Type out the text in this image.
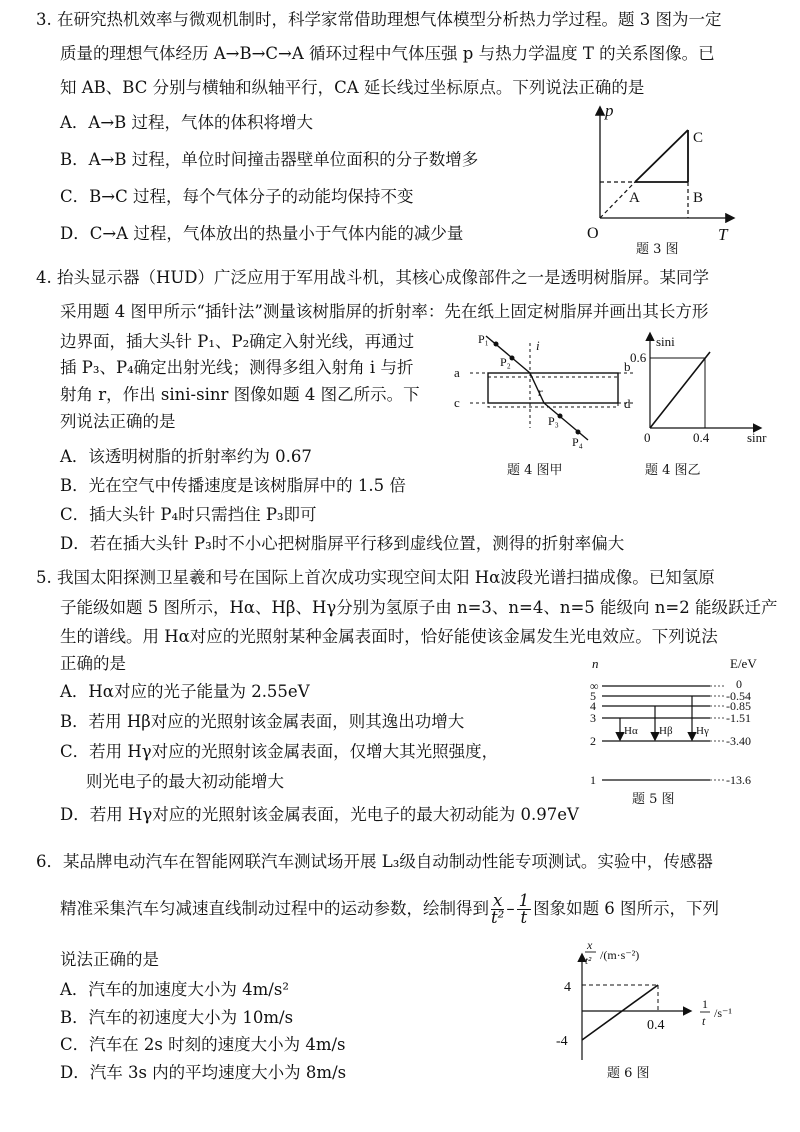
3. 在研究热机效率与微观机制时，科学家常借助理想气体模型分析热力学过程。题 3 图为一定
质量的理想气体经历 A→B→C→A 循环过程中气体压强 p 与热力学温度 T 的关系图像。已
知 AB、BC 分别与横轴和纵轴平行，CA 延长线过坐标原点。下列说法正确的是
A．A→B 过程，气体的体积将增大
B．A→B 过程，单位时间撞击器壁单位面积的分子数增多
C．B→C 过程，每个气体分子的动能均保持不变
D．C→A 过程，气体放出的热量小于气体内能的减少量
p
T
O
A	B
C
题 3 图
4. 抬头显示器（HUD）广泛应用于军用战斗机，其核心成像部件之一是透明树脂屏。某同学
采用题 4 图甲所示“插针法”测量该树脂屏的折射率：先在纸上固定树脂屏并画出其长方形
边界面，插大头针 P₁、P₂确定入射光线，再通过
插 P₃、P₄确定出射光线；测得多组入射角 i 与折
射角 r，作出 sini-sinr 图像如题 4 图乙所示。下
列说法正确的是
A．该透明树脂的折射率约为 0.67
B．光在空气中传播速度是该树脂屏中的 1.5 倍
C．插大头针 P₄时只需挡住 P₃即可
D．若在插大头针 P₃时不小心把树脂屏平行移到虚线位置，测得的折射率偏大
P₁
P₂
i
r
P₃
P₄
a	b
c	d
题 4 图甲
sini
0.6
0	0.4	sinr
题 4 图乙
5. 我国太阳探测卫星羲和号在国际上首次成功实现空间太阳 Hα波段光谱扫描成像。已知氢原
子能级如题 5 图所示，Hα、Hβ、Hγ分别为氢原子由 n=3、n=4、n=5 能级向 n=2 能级跃迁产
生的谱线。用 Hα对应的光照射某种金属表面时，恰好能使该金属发生光电效应。下列说法
正确的是
A．Hα对应的光子能量为 2.55eV
B．若用 Hβ对应的光照射该金属表面，则其逸出功增大
C．若用 Hγ对应的光照射该金属表面，仅增大其光照强度，
则光电子的最大初动能增大
D．若用 Hγ对应的光照射该金属表面，光电子的最大初动能为 0.97eV
n	E/eV
∞
5
4
3
2
1
0
-0.54
-0.85
-1.51
-3.40
-13.6
Hα Hβ Hγ
题 5 图
6．某品牌电动汽车在智能网联汽车测试场开展 L₃级自动制动性能专项测试。实验中，传感器
精准采集汽车匀减速直线制动过程中的运动参数，绘制得到 $\frac{x}{\text{t²}} - \frac{1}{t}$ 图象如题 6 图所示，下列
说法正确的是
A．汽车的加速度大小为 4m/s²
B．汽车的初速度大小为 10m/s
C．汽车在 2s 时刻的速度大小为 4m/s
D．汽车 3s 内的平均速度大小为 8m/s
x
t² /(m·s⁻²)
1
t
/s⁻¹
4
-4
0.4
题 6 图
